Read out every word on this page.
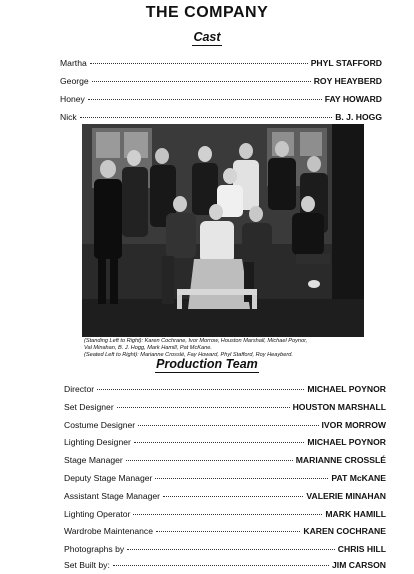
THE COMPANY
Cast
Martha	PHYL STAFFORD
George	ROY HEAYBERD
Honey	FAY HOWARD
Nick	B. J. HOGG
(Standing Left to Right): Karen Cochrane, Ivor Morrow, Houston Marshall, Michael Poynor,
Val Minahan, B. J. Hogg, Mark Hamill, Pat McKane.
(Seated Left to Right): Marianne Crosslé, Fay Howard, Phyl Stafford, Roy Heayberd.
Production Team
Director	MICHAEL POYNOR
Set Designer	HOUSTON MARSHALL
Costume Designer	IVOR MORROW
Lighting Designer	MICHAEL POYNOR
Stage Manager	MARIANNE CROSSLÉ
Deputy Stage Manager	PAT McKANE
Assistant Stage Manager	VALERIE MINAHAN
Lighting Operator	MARK HAMILL
Wardrobe Maintenance	KAREN COCHRANE
Photographs by	CHRIS HILL
Set Built by:	JIM CARSON
